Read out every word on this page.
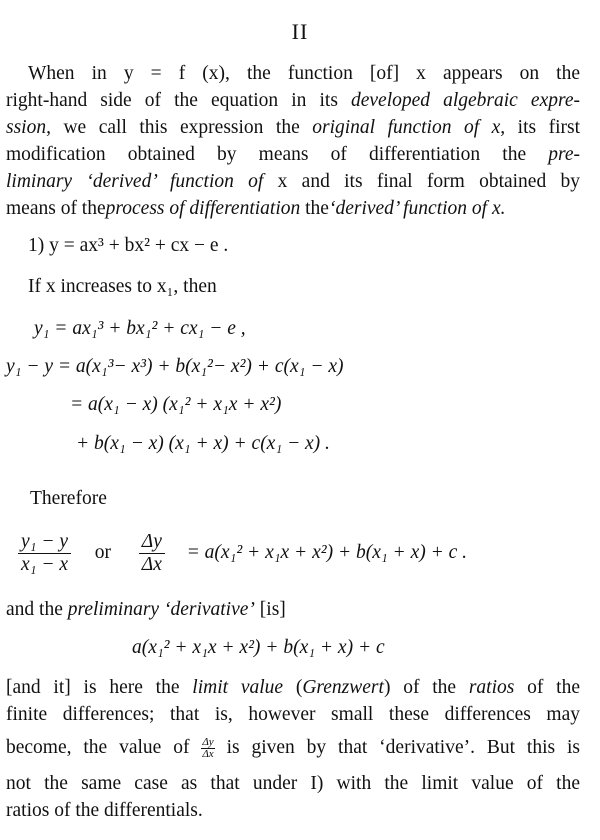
II
When in y = f (x), the function [of] x appears on the
right-hand side of the equation in its developed algebraic expre-
ssion, we call this expression the original function of x, its first
modification obtained by means of differentiation the pre-
liminary ‘derived’ function of x and its final form obtained by
means of theprocess of differentiation the‘derived’ function of x.
1) y = ax³ + bx² + cx − e .
If x increases to x₁, then
y₁ = ax₁³ + bx₁² + cx₁ − e ,
y₁ − y = a(x₁³− x³) + b(x₁²− x²) + c(x₁ − x)
= a(x₁ − x) (x₁² + x₁x + x²)
+ b(x₁ − x) (x₁ + x) + c(x₁ − x) .
Therefore
$\frac{\text{y₁ − y}}{\text{x₁ − x}}$ or $\frac{\Delta y}{\Delta x} = a(x_1^2 + x_1x + x^2) + b(x_1 + x) + c$ .
and the preliminary ‘derivative’ [is]
a(x₁² + x₁x + x²) + b(x₁ + x) + c
[and it] is here the limit value (Grenzwert) of the ratios of the
finite differences; that is, however small these differences may
become, the value of $\frac{\Delta y}{\Delta x}$ is given by that ‘derivative’. But this is
not the same case as that under I) with the limit value of the
ratios of the differentials.
